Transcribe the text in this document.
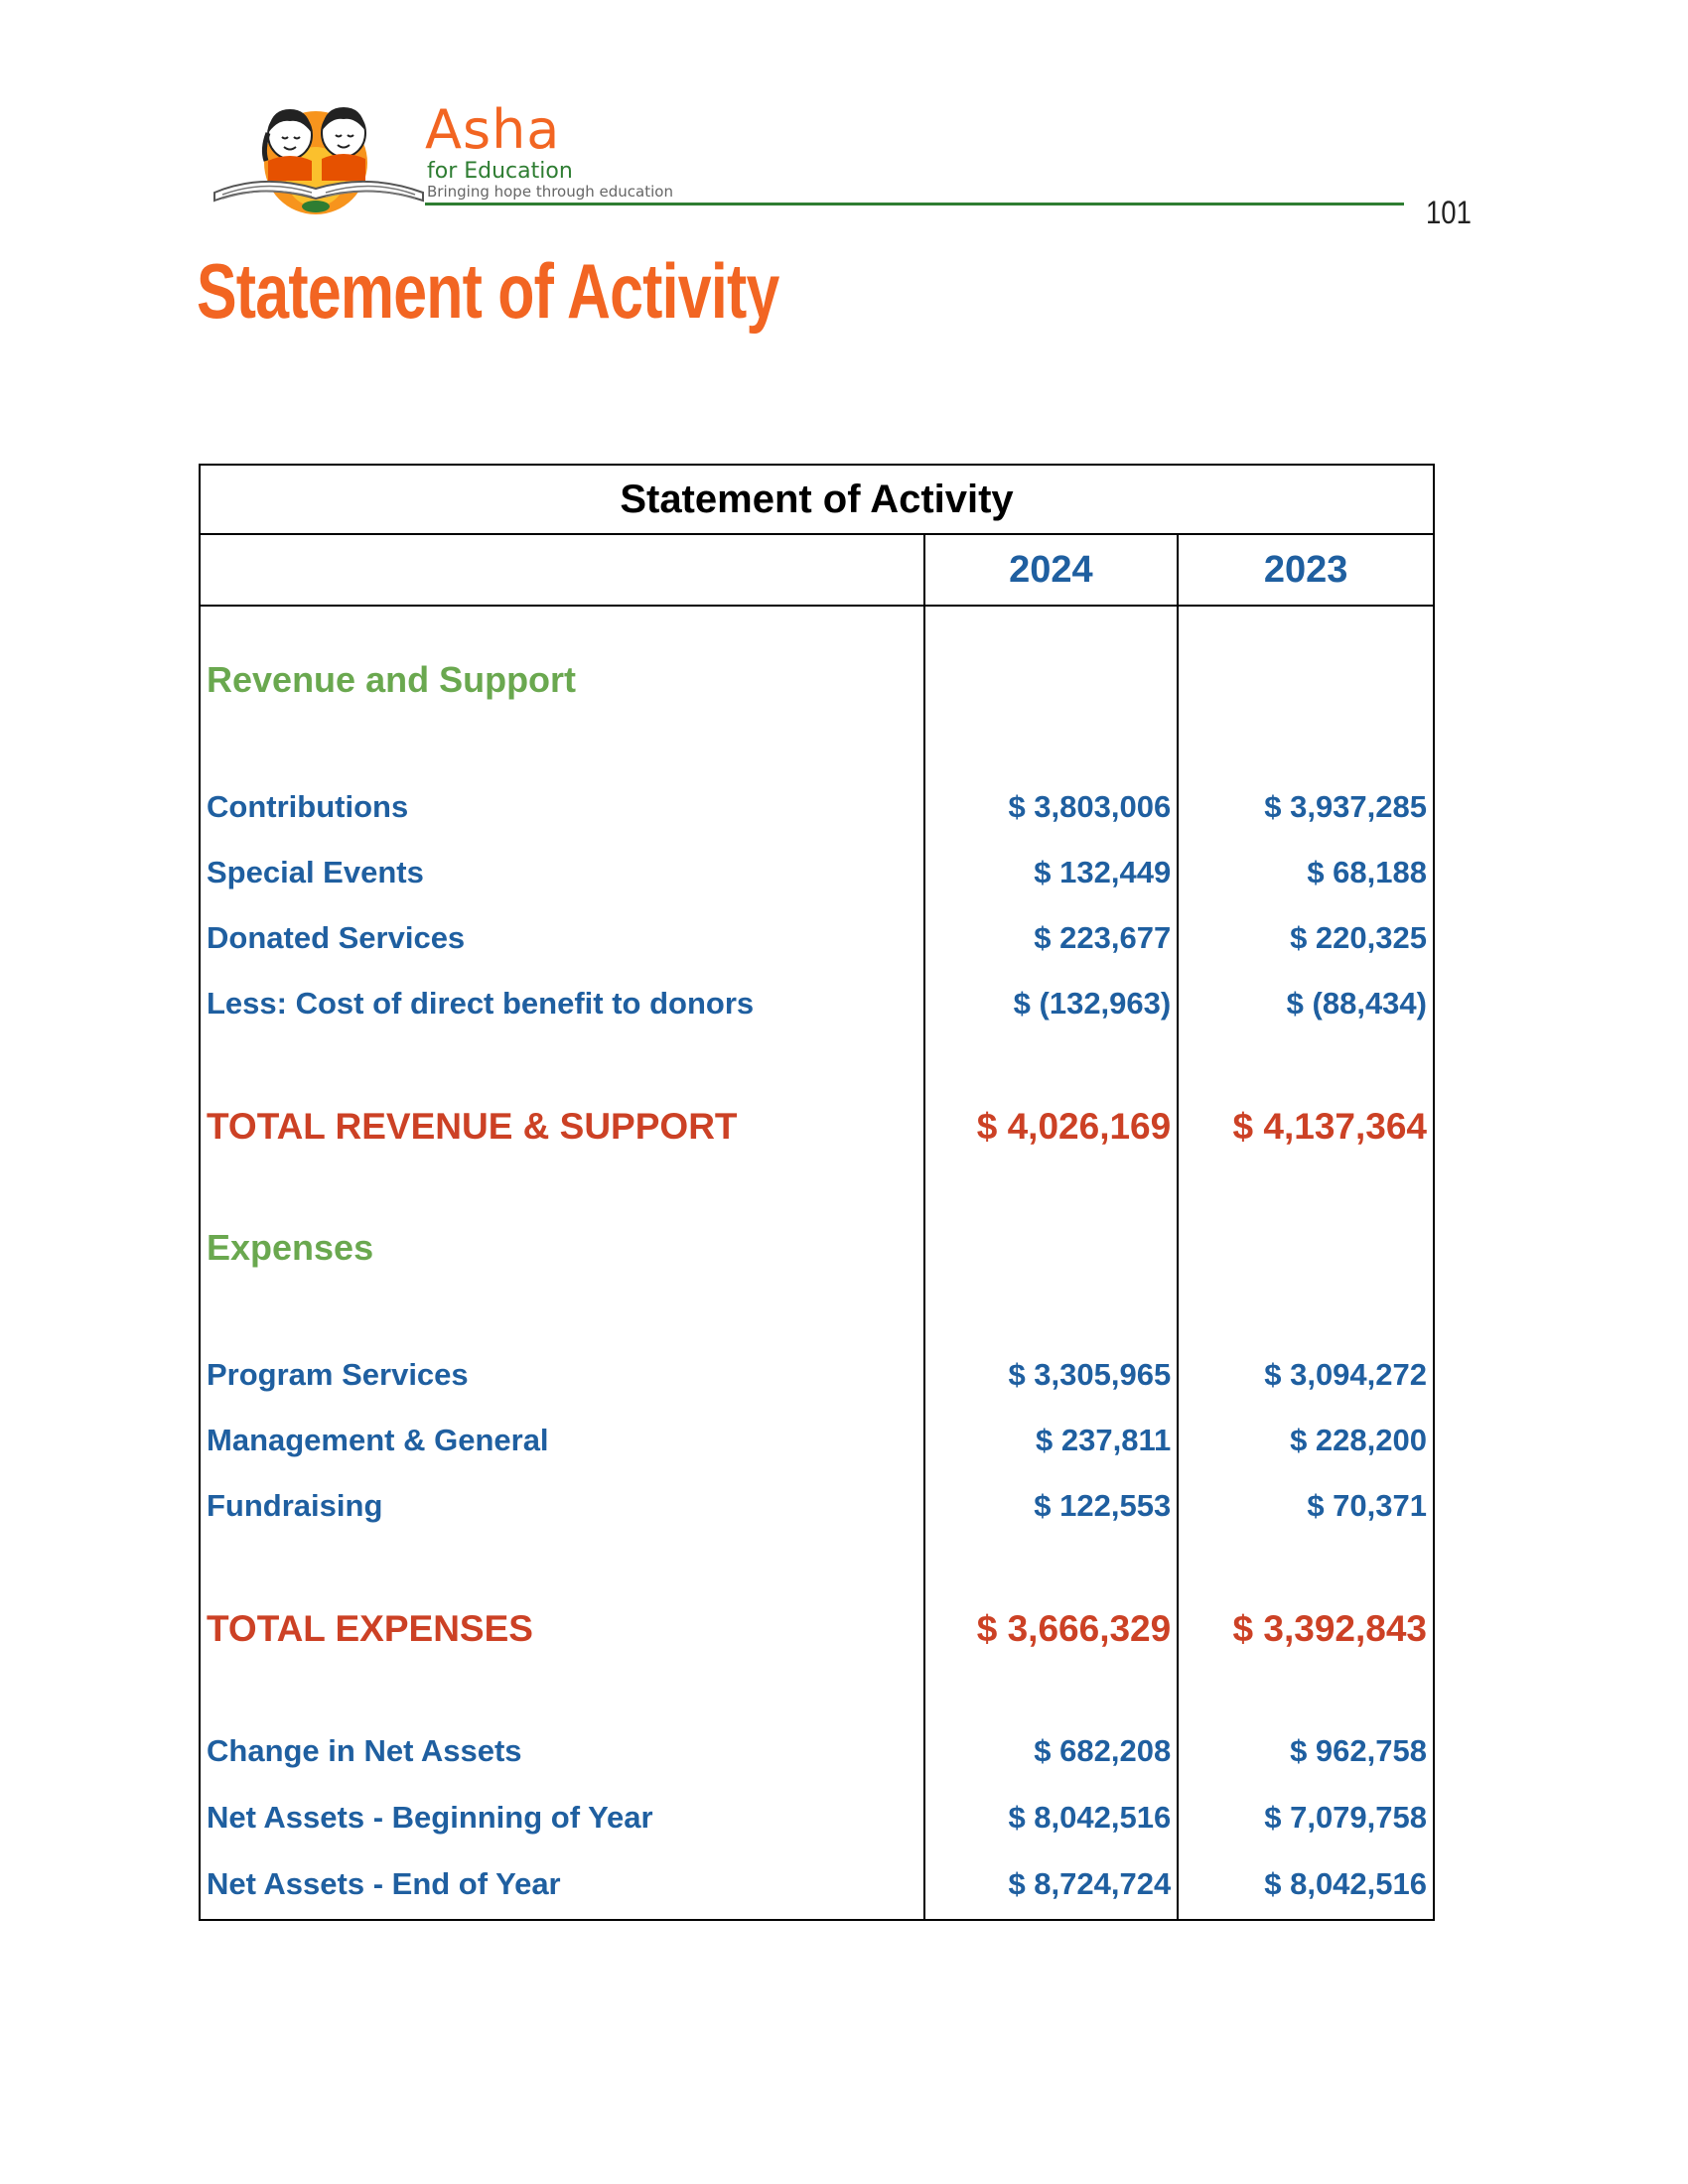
Asha
for Education
Bringing hope through education
101
Statement of Activity
Statement of Activity		
	2024	2023

Revenue and Support		

Contributions	$ 3,803,006	$ 3,937,285
Special Events	$ 132,449	$ 68,188
Donated Services	$ 223,677	$ 220,325
Less: Cost of direct benefit to donors	$ (132,963)	$ (88,434)

TOTAL REVENUE & SUPPORT	$ 4,026,169	$ 4,137,364

Expenses		

Program Services	$ 3,305,965	$ 3,094,272
Management & General	$ 237,811	$ 228,200
Fundraising	$ 122,553	$ 70,371

TOTAL EXPENSES	$ 3,666,329	$ 3,392,843

Change in Net Assets	$ 682,208	$ 962,758
Net Assets - Beginning of Year	$ 8,042,516	$ 7,079,758
Net Assets - End of Year	$ 8,724,724	$ 8,042,516
